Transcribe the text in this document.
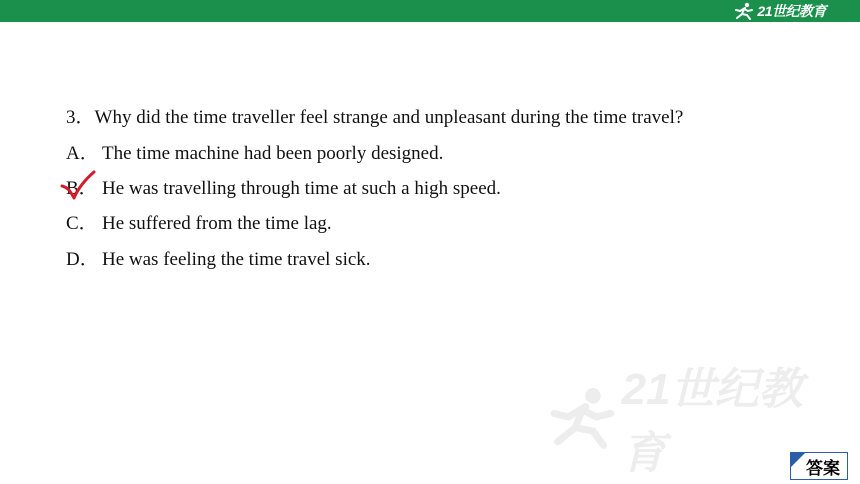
21世纪教育
3．Why did the time traveller feel strange and unpleasant during the time travel?
A． The time machine had been poorly designed.
B． He was travelling through time at such a high speed.
C． He suffered from the time lag.
D． He was feeling the time travel sick.
21世纪教育	答案
